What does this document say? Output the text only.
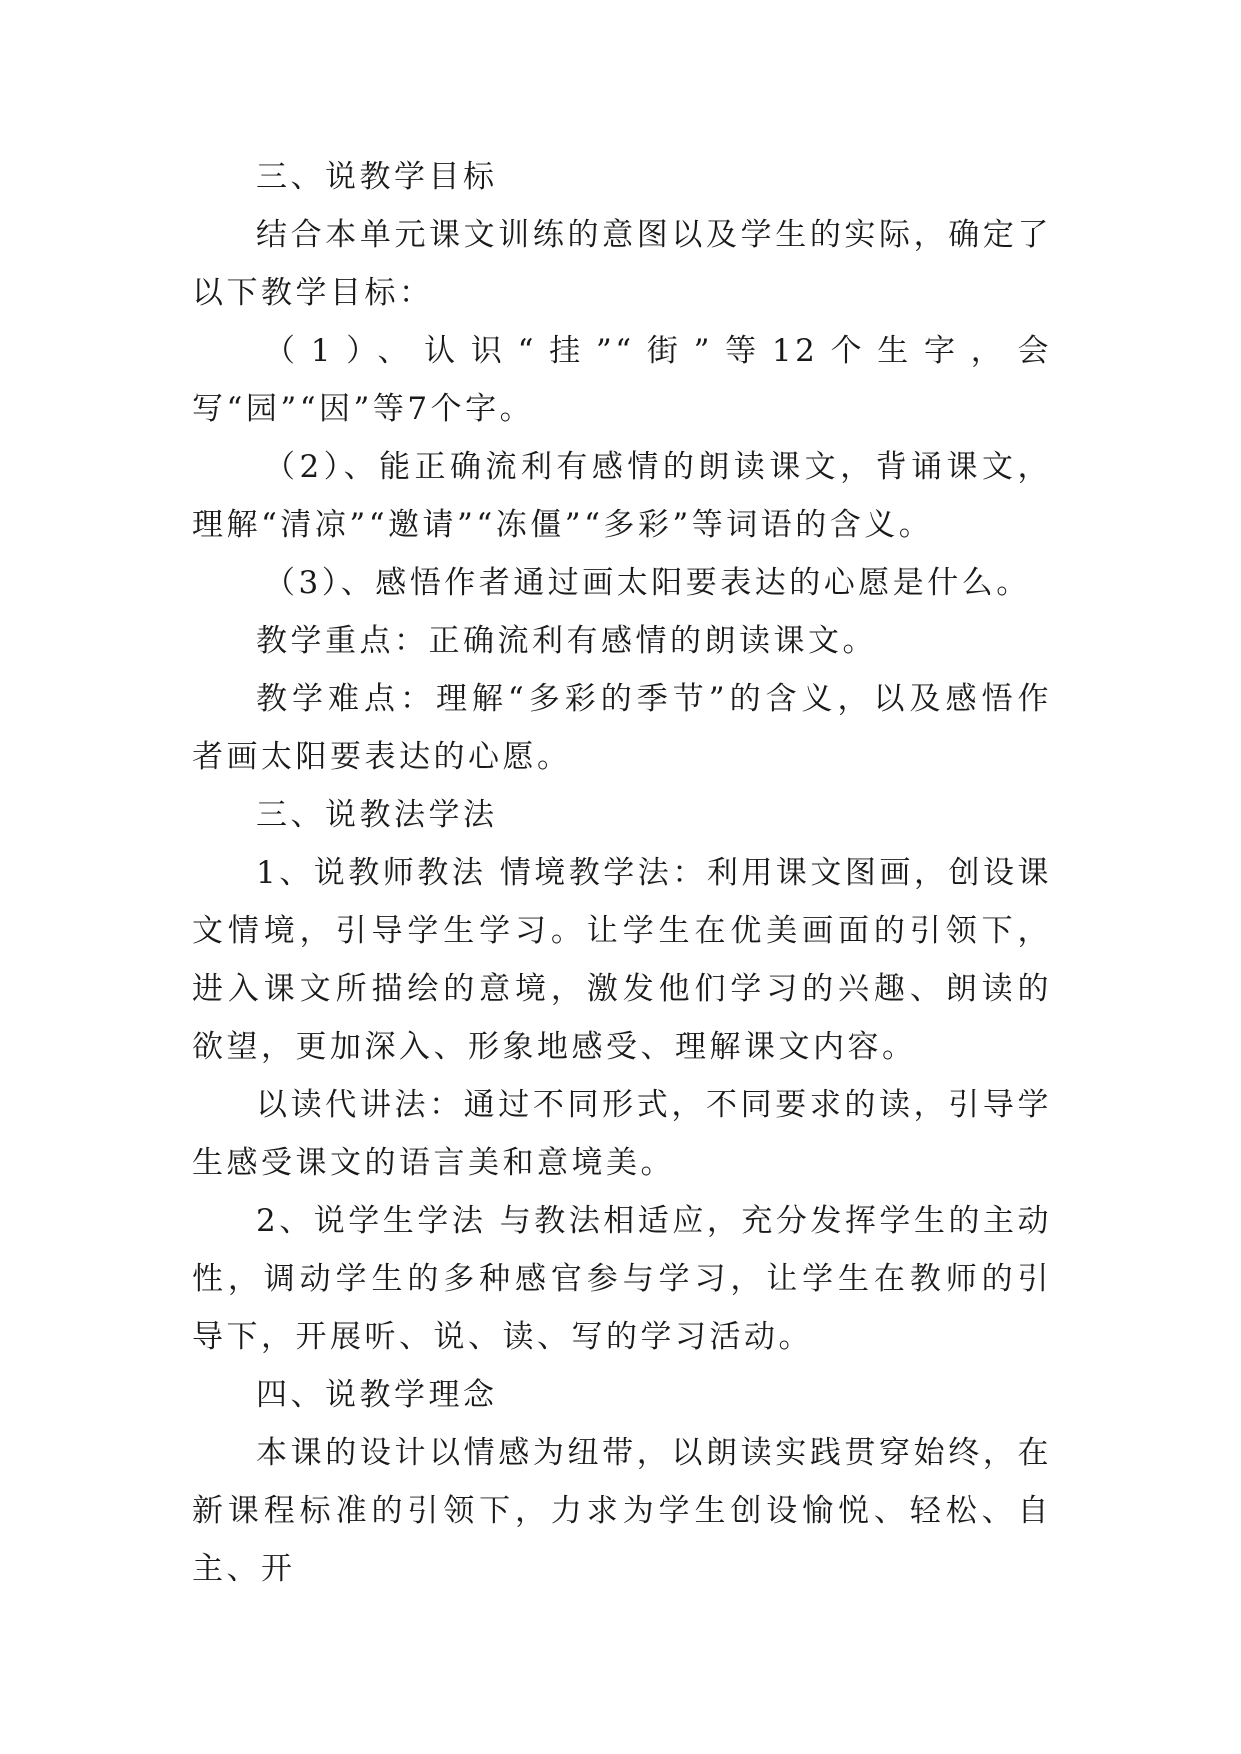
三、说教学目标

结合本单元课文训练的意图以及学生的实际，确定了以下教学目标：

（1）、认识“挂”“街”等12个生字，会写“园”“因”等7个字。

（2）、能正确流利有感情的朗读课文，背诵课文，理解“清凉”“邀请”“冻僵”“多彩”等词语的含义。

（3）、感悟作者通过画太阳要表达的心愿是什么。

教学重点：正确流利有感情的朗读课文。

教学难点：理解“多彩的季节”的含义，以及感悟作者画太阳要表达的心愿。

三、说教法学法

1、说教师教法 情境教学法：利用课文图画，创设课文情境，引导学生学习。让学生在优美画面的引领下，进入课文所描绘的意境，激发他们学习的兴趣、朗读的欲望，更加深入、形象地感受、理解课文内容。

以读代讲法：通过不同形式，不同要求的读，引导学生感受课文的语言美和意境美。

2、说学生学法 与教法相适应，充分发挥学生的主动性，调动学生的多种感官参与学习，让学生在教师的引导下，开展听、说、读、写的学习活动。

四、说教学理念

本课的设计以情感为纽带，以朗读实践贯穿始终，在新课程标准的引领下，力求为学生创设愉悦、轻松、自主、开
